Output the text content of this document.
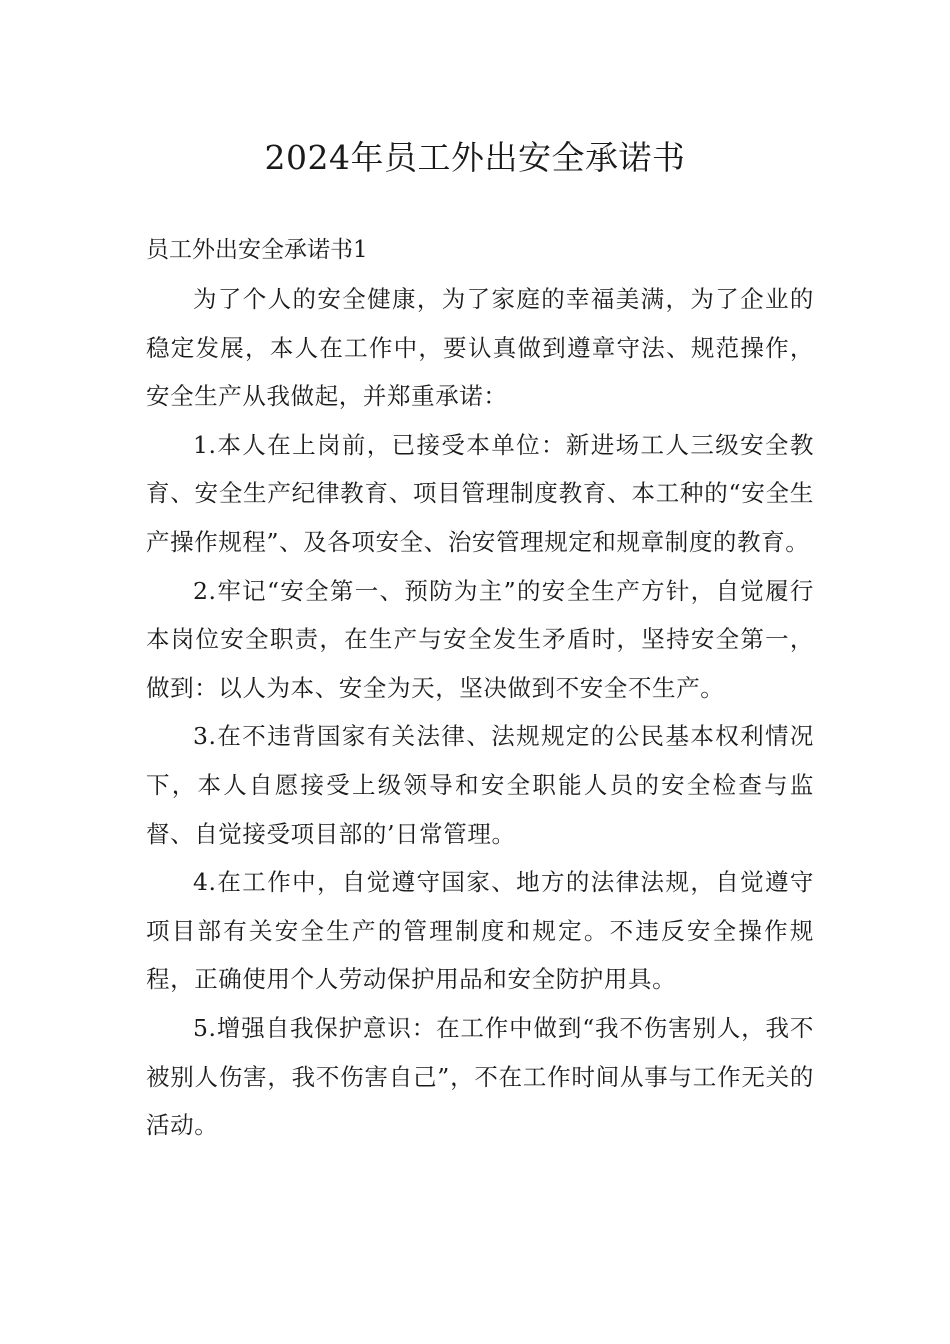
2024年员工外出安全承诺书
员工外出安全承诺书1

为了个人的安全健康，为了家庭的幸福美满，为了企业的稳定发展，本人在工作中，要认真做到遵章守法、规范操作，安全生产从我做起，并郑重承诺：

1.本人在上岗前，已接受本单位：新进场工人三级安全教育、安全生产纪律教育、项目管理制度教育、本工种的“安全生产操作规程”、及各项安全、治安管理规定和规章制度的教育。

2.牢记“安全第一、预防为主”的安全生产方针，自觉履行本岗位安全职责，在生产与安全发生矛盾时，坚持安全第一，做到：以人为本、安全为天，坚决做到不安全不生产。

3.在不违背国家有关法律、法规规定的公民基本权利情况下，本人自愿接受上级领导和安全职能人员的安全检查与监督、自觉接受项目部的’日常管理。

4.在工作中，自觉遵守国家、地方的法律法规，自觉遵守项目部有关安全生产的管理制度和规定。不违反安全操作规程，正确使用个人劳动保护用品和安全防护用具。

5.增强自我保护意识：在工作中做到“我不伤害别人，我不被别人伤害，我不伤害自己”，不在工作时间从事与工作无关的活动。
